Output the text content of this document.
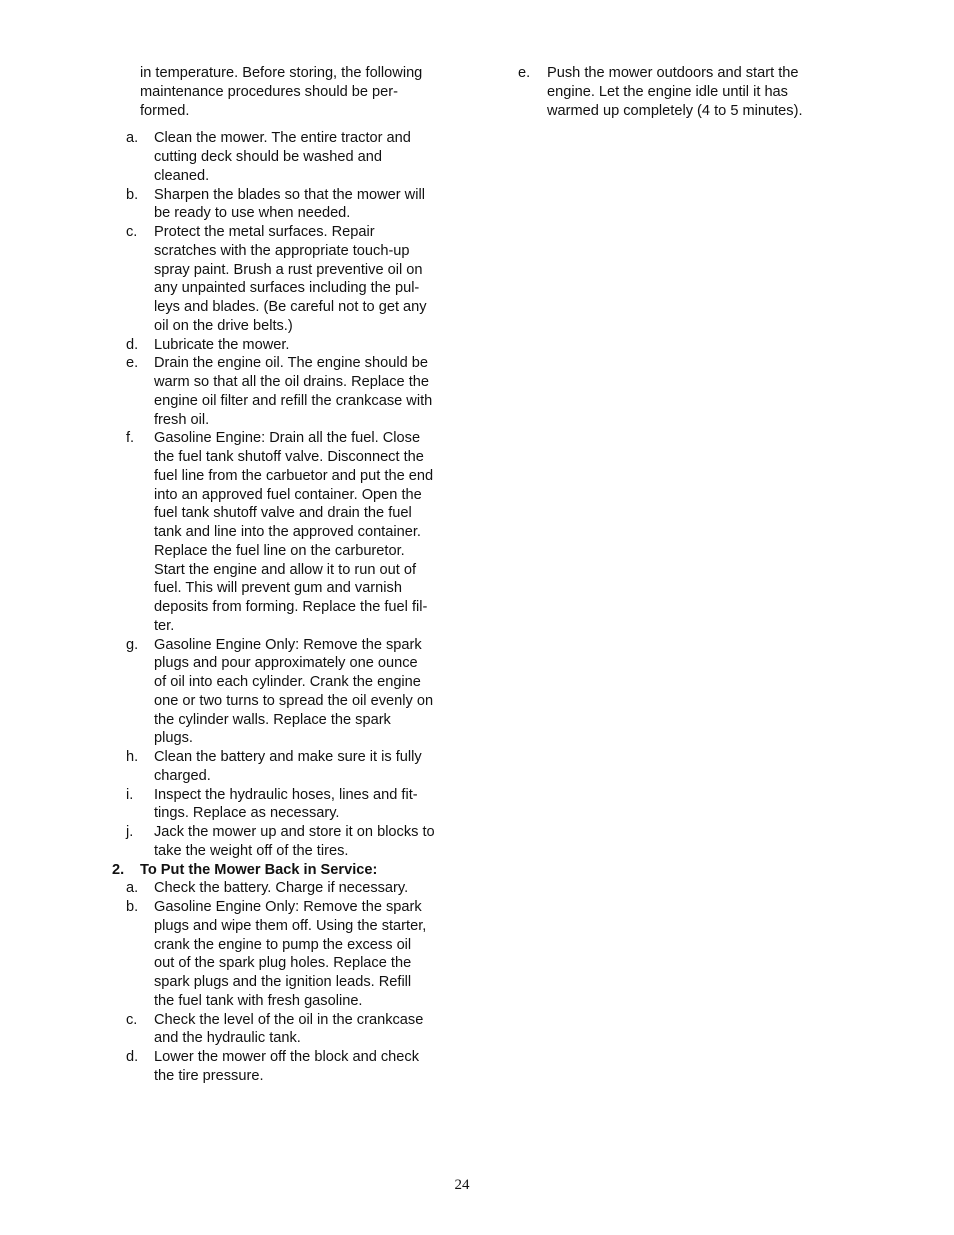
in temperature. Before storing, the following
maintenance procedures should be per-
formed.

a.	Clean the mower. The entire tractor and
cutting deck should be washed and
cleaned.
b.	Sharpen the blades so that the mower will
be ready to use when needed.
c.	Protect the metal surfaces. Repair
scratches with the appropriate touch-up
spray paint. Brush a rust preventive oil on
any unpainted surfaces including the pul-
leys and blades. (Be careful not to get any
oil on the drive belts.)
d.	Lubricate the mower.
e.	Drain the engine oil. The engine should be
warm so that all the oil drains. Replace the
engine oil filter and refill the crankcase with
fresh oil.
f.	Gasoline Engine: Drain all the fuel. Close
the fuel tank shutoff valve. Disconnect the
fuel line from the carbuetor and put the end
into an approved fuel container. Open the
fuel tank shutoff valve and drain the fuel
tank and line into the approved container.
Replace the fuel line on the carburetor.
Start the engine and allow it to run out of
fuel. This will prevent gum and varnish
deposits from forming. Replace the fuel fil-
ter.
g.	Gasoline Engine Only: Remove the spark
plugs and pour approximately one ounce
of oil into each cylinder. Crank the engine
one or two turns to spread the oil evenly on
the cylinder walls. Replace the spark
plugs.
h.	Clean the battery and make sure it is fully
charged.
i.	Inspect the hydraulic hoses, lines and fit-
tings. Replace as necessary.
j.	Jack the mower up and store it on blocks to
take the weight off of the tires.
2.	To Put the Mower Back in Service:
a.	Check the battery. Charge if necessary.
b.	Gasoline Engine Only: Remove the spark
plugs and wipe them off. Using the starter,
crank the engine to pump the excess oil
out of the spark plug holes. Replace the
spark plugs and the ignition leads. Refill
the fuel tank with fresh gasoline.
c.	Check the level of the oil in the crankcase
and the hydraulic tank.
d.	Lower the mower off the block and check
the tire pressure.
e.	Push the mower outdoors and start the
engine. Let the engine idle until it has
warmed up completely (4 to 5 minutes).
24
